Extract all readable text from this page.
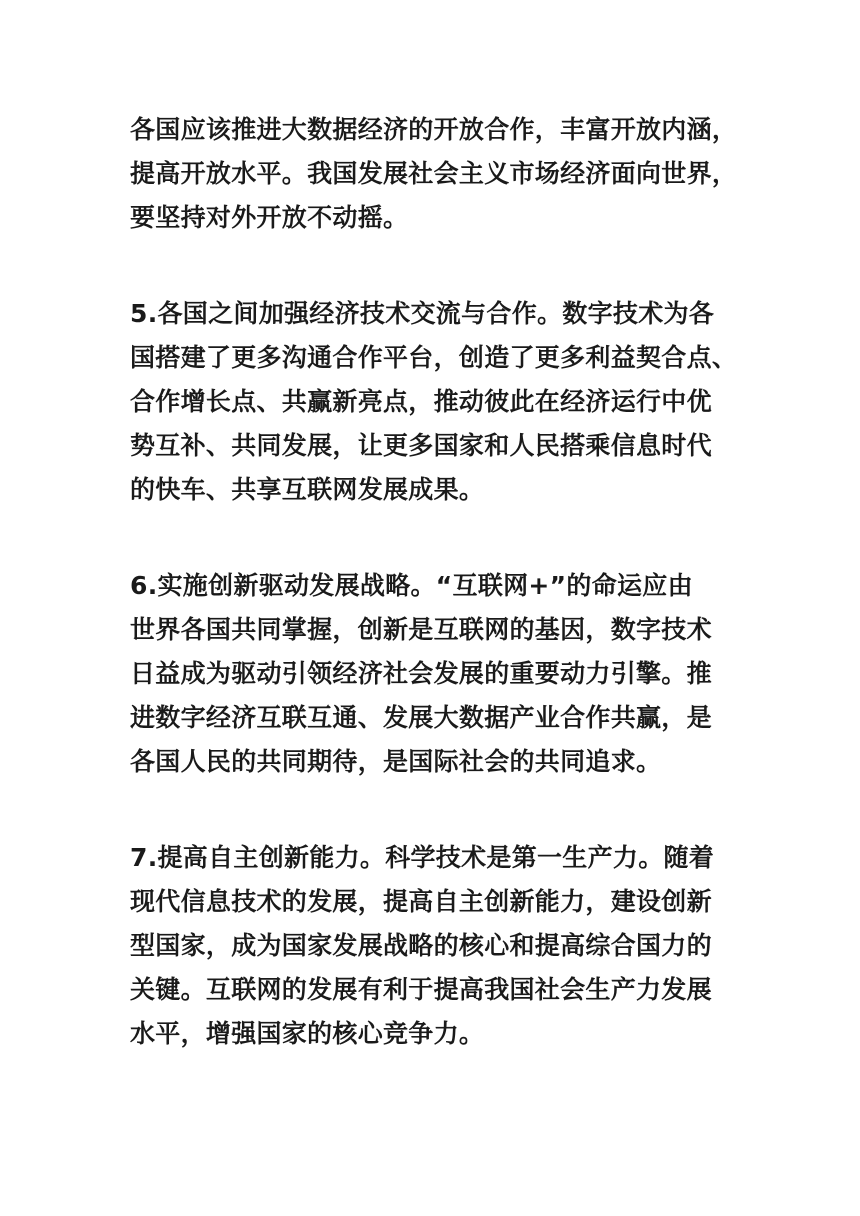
各国应该推进大数据经济的开放合作，丰富开放内涵，
提高开放水平。我国发展社会主义市场经济面向世界，
要坚持对外开放不动摇。

5.各国之间加强经济技术交流与合作。数字技术为各
国搭建了更多沟通合作平台，创造了更多利益契合点、
合作增长点、共赢新亮点，推动彼此在经济运行中优
势互补、共同发展，让更多国家和人民搭乘信息时代
的快车、共享互联网发展成果。

6.实施创新驱动发展战略。“互联网+”的命运应由
世界各国共同掌握，创新是互联网的基因，数字技术
日益成为驱动引领经济社会发展的重要动力引擎。推
进数字经济互联互通、发展大数据产业合作共赢，是
各国人民的共同期待，是国际社会的共同追求。

7.提高自主创新能力。科学技术是第一生产力。随着
现代信息技术的发展，提高自主创新能力，建设创新
型国家，成为国家发展战略的核心和提高综合国力的
关键。互联网的发展有利于提高我国社会生产力发展
水平，增强国家的核心竞争力。
